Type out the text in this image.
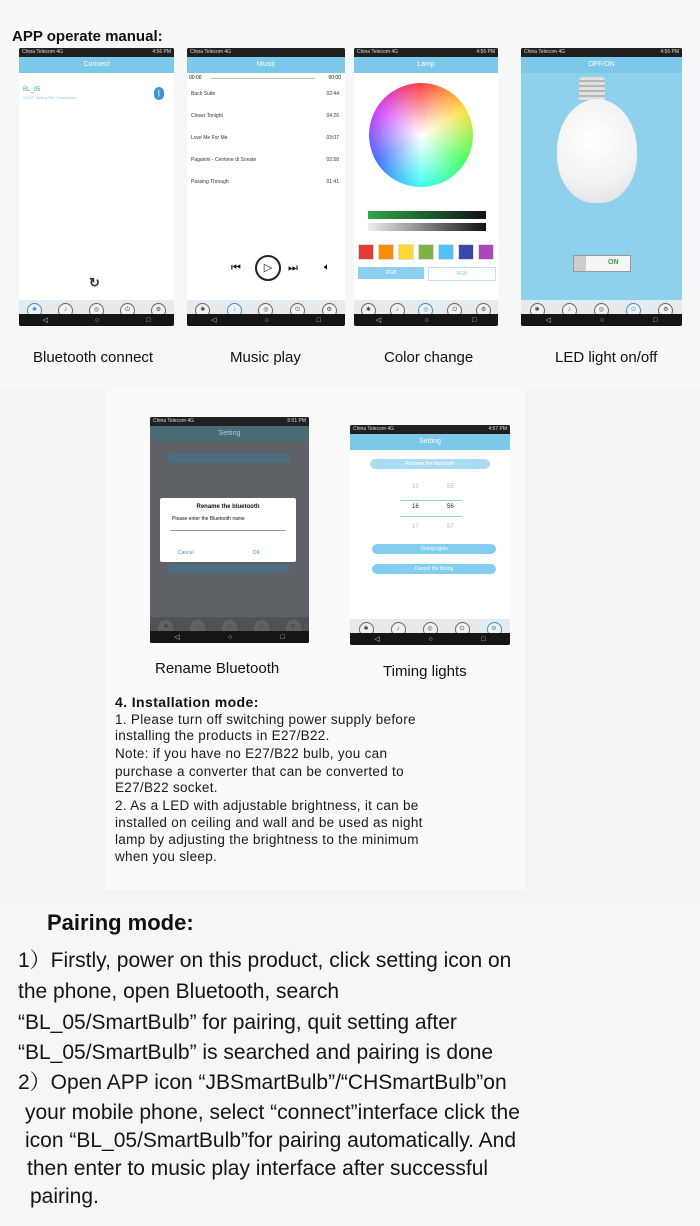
APP operate manual:
China Telecom 4G	4:56 PM
Connect
BL_05
ACDF Timing The Connection	ᛒ
↻
✱	♪	◎	⏻	⚙
◁	○	□
China Telecom 4G
Music
00:00	00:00
Bach Suite	02:44
Closer Tonight	04:26
Love Me For Me	03:07
Paganini - Centone di Sonate	02:58
Passing Through	01:41
⏮	▷	⏭	🔈︎
✱	♪	◎	⏻	⚙
◁	○	□
China Telecom 4G	4:56 PM
Lamp
RGB	RGB
✱	♪	◎	⏻	⚙
◁	○	□
China Telecom 4G	4:56 PM
OFF/ON
ON
✱	♪	◎	⏻	⚙
◁	○	□
Bluetooth connect	Music play	Color change	LED light on/off
China Telecom 4G	5:01 PM
Setting
Rename the bluetooth
Please enter the Bluetooth name
Cancel	OK
✱	♪	◎	⏻	⚙
◁	○	□
China Telecom 4G	4:57 PM
Setting
Rename the bluetooth
15	55
16	56
17	57
Timing lights
Cancel the timing
✱	♪	◎	⏻	⚙
◁	○	□
Rename Bluetooth	Timing lights
4. Installation mode:
1. Please turn off switching power supply before
installing the products in E27/B22.
Note: if you have no E27/B22 bulb, you can
purchase a converter that can be converted to
E27/B22 socket.
2. As a LED with adjustable brightness, it can be
installed on ceiling and wall and be used as night
lamp by adjusting the brightness to the minimum
when you sleep.
Pairing mode:
1）Firstly, power on this product, click setting icon on
the phone, open Bluetooth, search
“BL_05/SmartBulb” for pairing, quit setting after
“BL_05/SmartBulb” is searched and pairing is done
2）Open APP icon “JBSmartBulb”/“CHSmartBulb”on
your mobile phone, select “connect”interface click the
icon “BL_05/SmartBulb”for pairing automatically. And
then enter to music play interface after successful
pairing.
